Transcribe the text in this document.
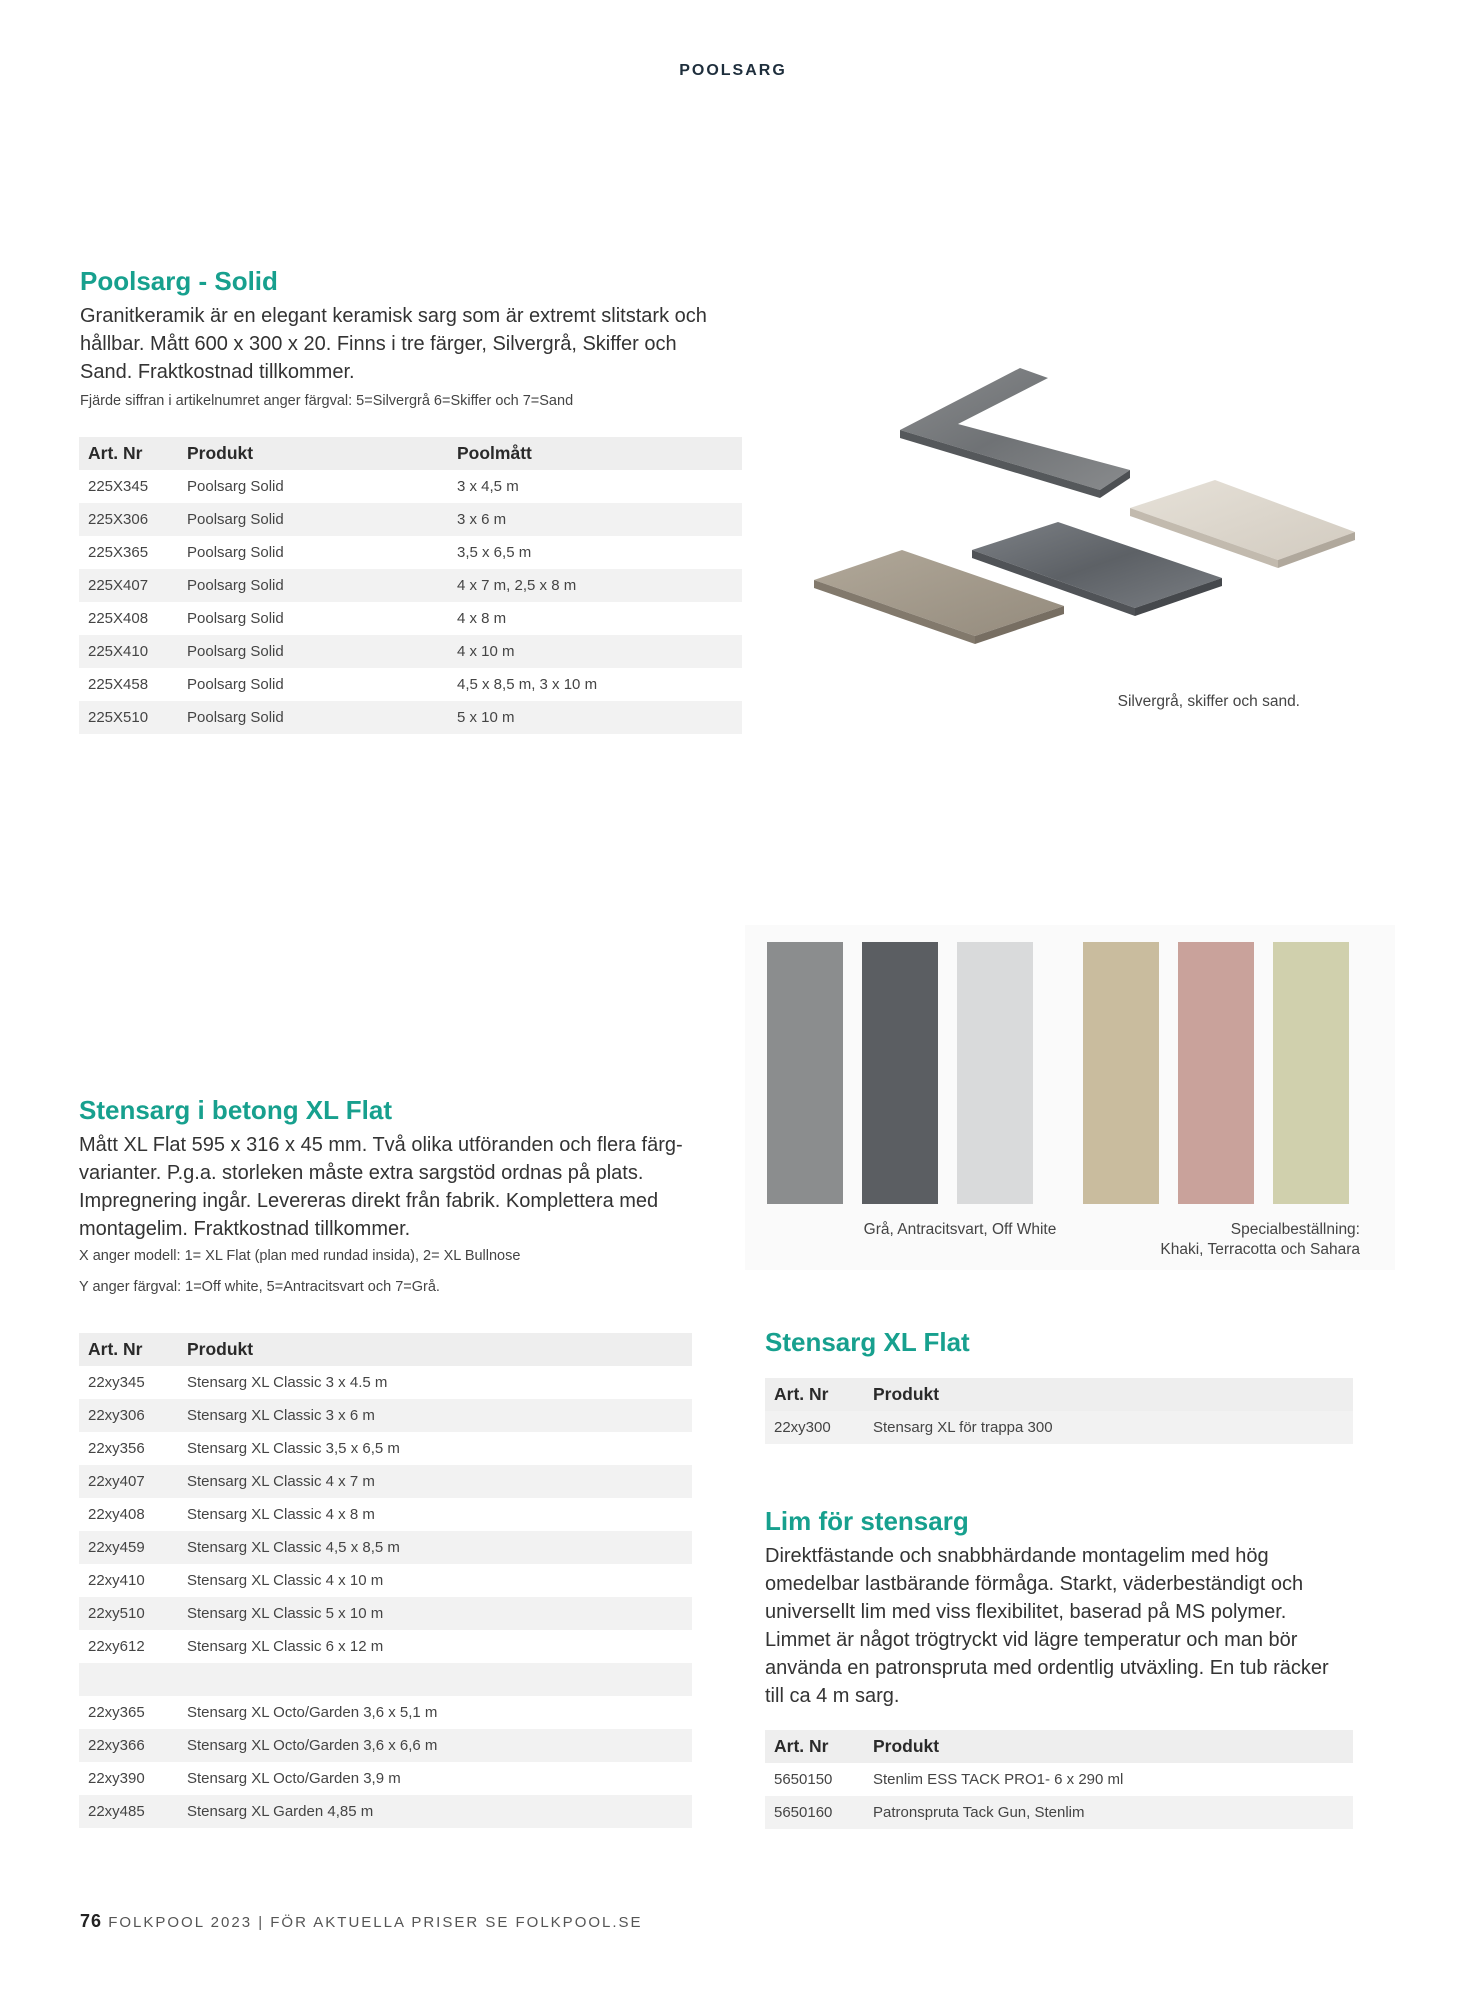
POOLSARG
Poolsarg - Solid
Granitkeramik är en elegant keramisk sarg som är extremt slitstark och hållbar. Mått 600 x 300 x 20. Finns i tre färger, Silvergrå, Skiffer och Sand. Fraktkostnad tillkommer.
Fjärde siffran i artikelnumret anger färgval: 5=Silvergrå 6=Skiffer och 7=Sand
Art. Nr	Produkt	Poolmått
225X345	Poolsarg Solid	3 x 4,5 m
225X306	Poolsarg Solid	3 x 6 m
225X365	Poolsarg Solid	3,5 x 6,5 m
225X407	Poolsarg Solid	4 x 7 m, 2,5 x 8 m
225X408	Poolsarg Solid	4 x 8 m
225X410	Poolsarg Solid	4 x 10 m
225X458	Poolsarg Solid	4,5 x 8,5 m, 3 x 10 m
225X510	Poolsarg Solid	5 x 10 m
Silvergrå, skiffer och sand.
Grå, Antracitsvart, Off White	Specialbeställning:
Khaki, Terracotta och Sahara
Stensarg i betong XL Flat
Mått XL Flat 595 x 316 x 45 mm. Två olika utföranden och flera färg-varianter. P.g.a. storleken måste extra sargstöd ordnas på plats. Impregnering ingår. Levereras direkt från fabrik. Komplettera med montagelim. Fraktkostnad tillkommer.
X anger modell: 1= XL Flat (plan med rundad insida), 2= XL Bullnose
Y anger färgval: 1=Off white, 5=Antracitsvart och 7=Grå.
Art. Nr	Produkt
22xy345	Stensarg XL Classic 3 x 4.5 m
22xy306	Stensarg XL Classic 3 x 6 m
22xy356	Stensarg XL Classic 3,5 x 6,5 m
22xy407	Stensarg XL Classic 4 x 7 m
22xy408	Stensarg XL Classic 4 x 8 m
22xy459	Stensarg XL Classic 4,5 x 8,5 m
22xy410	Stensarg XL Classic 4 x 10 m
22xy510	Stensarg XL Classic 5 x 10 m
22xy612	Stensarg XL Classic 6 x 12 m

22xy365	Stensarg XL Octo/Garden 3,6 x 5,1 m
22xy366	Stensarg XL Octo/Garden 3,6 x 6,6 m
22xy390	Stensarg XL Octo/Garden 3,9 m
22xy485	Stensarg XL Garden 4,85 m
Stensarg XL Flat
Art. Nr	Produkt
22xy300	Stensarg XL för trappa 300
Lim för stensarg
Direktfästande och snabbhärdande montagelim med hög omedelbar lastbärande förmåga. Starkt, väderbeständigt och universellt lim med viss flexibilitet, baserad på MS polymer. Limmet är något trögtryckt vid lägre temperatur och man bör använda en patronspruta med ordentlig utväxling. En tub räcker till ca 4 m sarg.
Art. Nr	Produkt
5650150	Stenlim ESS TACK PRO1- 6 x 290 ml
5650160	Patronspruta Tack Gun, Stenlim
76 FOLKPOOL 2023 | FÖR AKTUELLA PRISER SE FOLKPOOL.SE
